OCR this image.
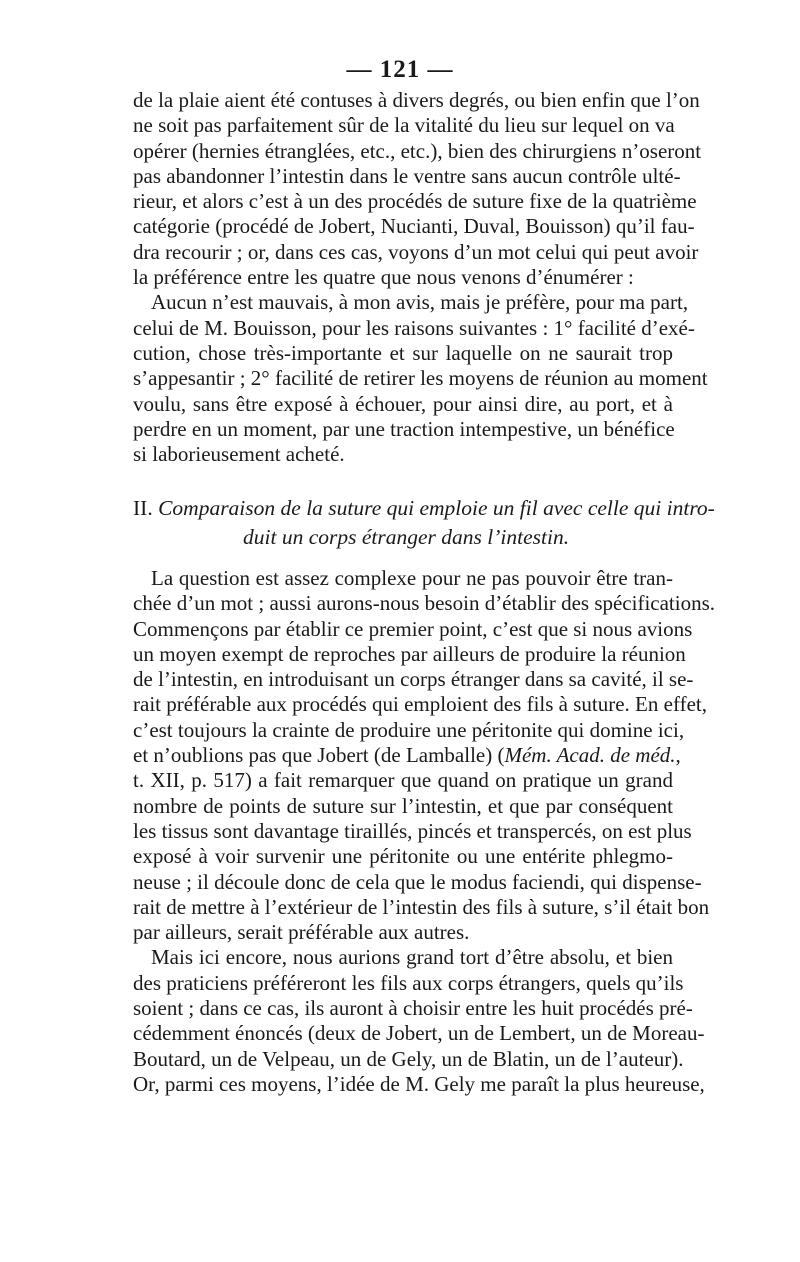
— 121 —
de la plaie aient été contuses à divers degrés, ou bien enfin que l’on
ne soit pas parfaitement sûr de la vitalité du lieu sur lequel on va
opérer (hernies étranglées, etc., etc.), bien des chirurgiens n’oseront
pas abandonner l’intestin dans le ventre sans aucun contrôle ulté-
rieur, et alors c’est à un des procédés de suture fixe de la quatrième
catégorie (procédé de Jobert, Nucianti, Duval, Bouisson) qu’il fau-
dra recourir ; or, dans ces cas, voyons d’un mot celui qui peut avoir
la préférence entre les quatre que nous venons d’énumérer :
Aucun n’est mauvais, à mon avis, mais je préfère, pour ma part,
celui de M. Bouisson, pour les raisons suivantes : 1° facilité d’exé-
cution, chose très-importante et sur laquelle on ne saurait trop
s’appesantir ; 2° facilité de retirer les moyens de réunion au moment
voulu, sans être exposé à échouer, pour ainsi dire, au port, et à
perdre en un moment, par une traction intempestive, un bénéfice
si laborieusement acheté.
II. Comparaison de la suture qui emploie un fil avec celle qui intro-
duit un corps étranger dans l’intestin.
La question est assez complexe pour ne pas pouvoir être tran-
chée d’un mot ; aussi aurons-nous besoin d’établir des spécifications.
Commençons par établir ce premier point, c’est que si nous avions
un moyen exempt de reproches par ailleurs de produire la réunion
de l’intestin, en introduisant un corps étranger dans sa cavité, il se-
rait préférable aux procédés qui emploient des fils à suture. En effet,
c’est toujours la crainte de produire une péritonite qui domine ici,
et n’oublions pas que Jobert (de Lamballe) (Mém. Acad. de méd.,
t. XII, p. 517) a fait remarquer que quand on pratique un grand
nombre de points de suture sur l’intestin, et que par conséquent
les tissus sont davantage tiraillés, pincés et transpercés, on est plus
exposé à voir survenir une péritonite ou une entérite phlegmo-
neuse ; il découle donc de cela que le modus faciendi, qui dispense-
rait de mettre à l’extérieur de l’intestin des fils à suture, s’il était bon
par ailleurs, serait préférable aux autres.
Mais ici encore, nous aurions grand tort d’être absolu, et bien
des praticiens préféreront les fils aux corps étrangers, quels qu’ils
soient ; dans ce cas, ils auront à choisir entre les huit procédés pré-
cédemment énoncés (deux de Jobert, un de Lembert, un de Moreau-
Boutard, un de Velpeau, un de Gely, un de Blatin, un de l’auteur).
Or, parmi ces moyens, l’idée de M. Gely me paraît la plus heureuse,
